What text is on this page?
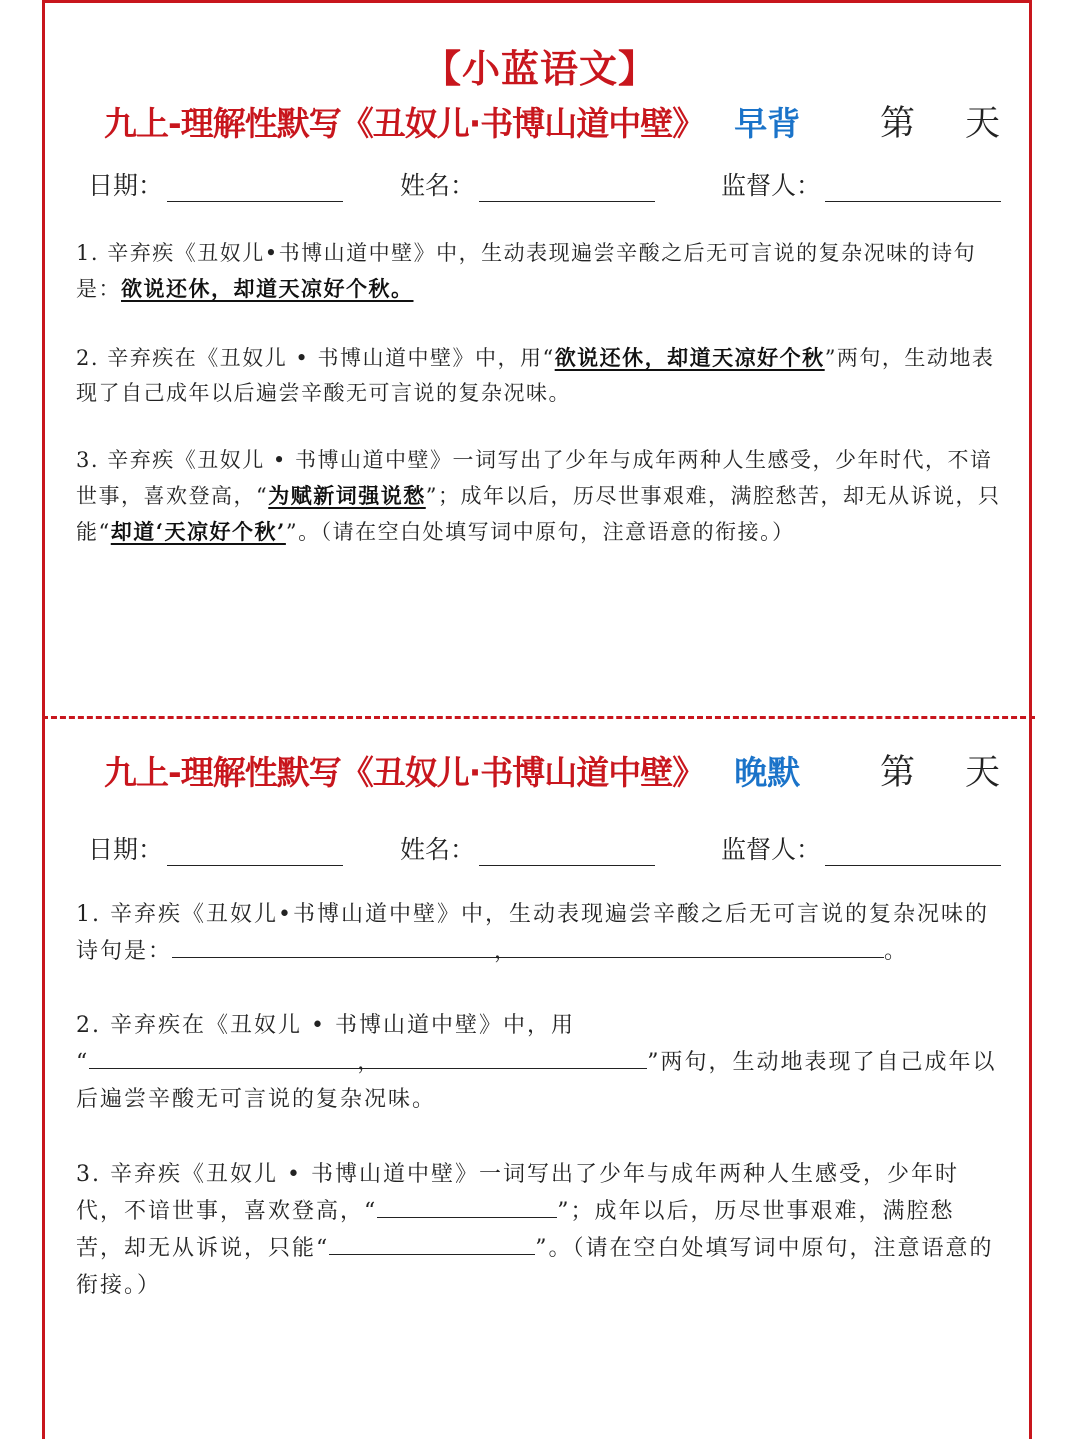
【小蓝语文】
九上-理解性默写《丑奴儿·书博山道中壁》 早背 第 天
日期：	姓名：	监督人：
1. 辛弃疾《丑奴儿•书博山道中壁》中，生动表现遍尝辛酸之后无可言说的复杂况味的诗句是：欲说还休，却道天凉好个秋。
2. 辛弃疾在《丑奴儿 • 书博山道中壁》中，用“欲说还休，却道天凉好个秋”两句，生动地表现了自己成年以后遍尝辛酸无可言说的复杂况味。
3. 辛弃疾《丑奴儿 • 书博山道中壁》一词写出了少年与成年两种人生感受，少年时代，不谙世事，喜欢登高，“为赋新词强说愁”；成年以后，历尽世事艰难，满腔愁苦，却无从诉说，只能“却道‘天凉好个秋’”。（请在空白处填写词中原句，注意语意的衔接。）
九上-理解性默写《丑奴儿·书博山道中壁》 晚默 第 天
日期：	姓名：	监督人：
1. 辛弃疾《丑奴儿•书博山道中壁》中，生动表现遍尝辛酸之后无可言说的复杂况味的诗句是：	，	。
2. 辛弃疾在《丑奴儿 • 书博山道中壁》中，用
“	，	”两句，生动地表现了自己成年以后遍尝辛酸无可言说的复杂况味。
3. 辛弃疾《丑奴儿 • 书博山道中壁》一词写出了少年与成年两种人生感受，少年时代，不谙世事，喜欢登高，“	”；成年以后，历尽世事艰难，满腔愁苦，却无从诉说，只能“	”。（请在空白处填写词中原句，注意语意的衔接。）
